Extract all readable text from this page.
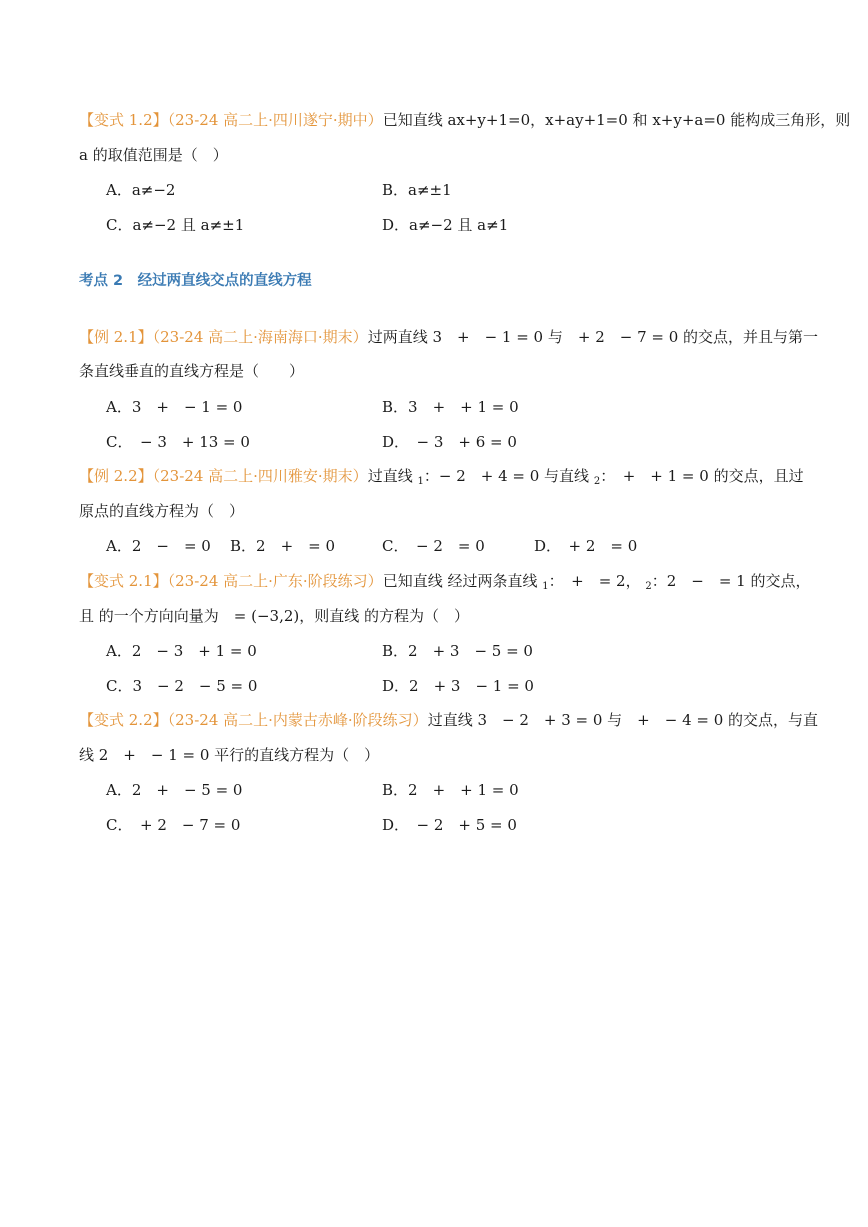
【变式 1.2】（23-24 高二上·四川遂宁·期中）已知直线 ax+y+1=0，x+ay+1=0 和 x+y+a=0 能构成三角形，则
a 的取值范围是（　）
A．a≠−2	B．a≠±1
C．a≠−2 且 a≠±1	D．a≠−2 且 a≠1
考点 2　经过两直线交点的直线方程
【例 2.1】（23-24 高二上·海南海口·期末）过两直线 3　+　− 1 = 0 与　+ 2　− 7 = 0 的交点，并且与第一
条直线垂直的直线方程是（　　）
A．3　+　− 1 = 0	B．3　+　+ 1 = 0
C．　− 3　+ 13 = 0	D．　− 3　+ 6 = 0
【例 2.2】（23-24 高二上·四川雅安·期末）过直线 $_1$：− 2　+ 4 = 0 与直线 $_2$：　+　+ 1 = 0 的交点，且过
原点的直线方程为（　）
A．2　−　= 0 B．2　+　= 0	C．　− 2　= 0	D．　+ 2　= 0
【变式 2.1】（23-24 高二上·广东·阶段练习）已知直线 经过两条直线 $_1$：　+　= 2， $_2$：2　−　= 1 的交点，
且 的一个方向向量为　= (−3,2)，则直线 的方程为（　）
A．2　− 3　+ 1 = 0	B．2　+ 3　− 5 = 0
C．3　− 2　− 5 = 0	D．2　+ 3　− 1 = 0
【变式 2.2】（23-24 高二上·内蒙古赤峰·阶段练习）过直线 3　− 2　+ 3 = 0 与　+　− 4 = 0 的交点，与直
线 2　+　− 1 = 0 平行的直线方程为（　）
A．2　+　− 5 = 0	B．2　+　+ 1 = 0
C．　+ 2　− 7 = 0	D．　− 2　+ 5 = 0
